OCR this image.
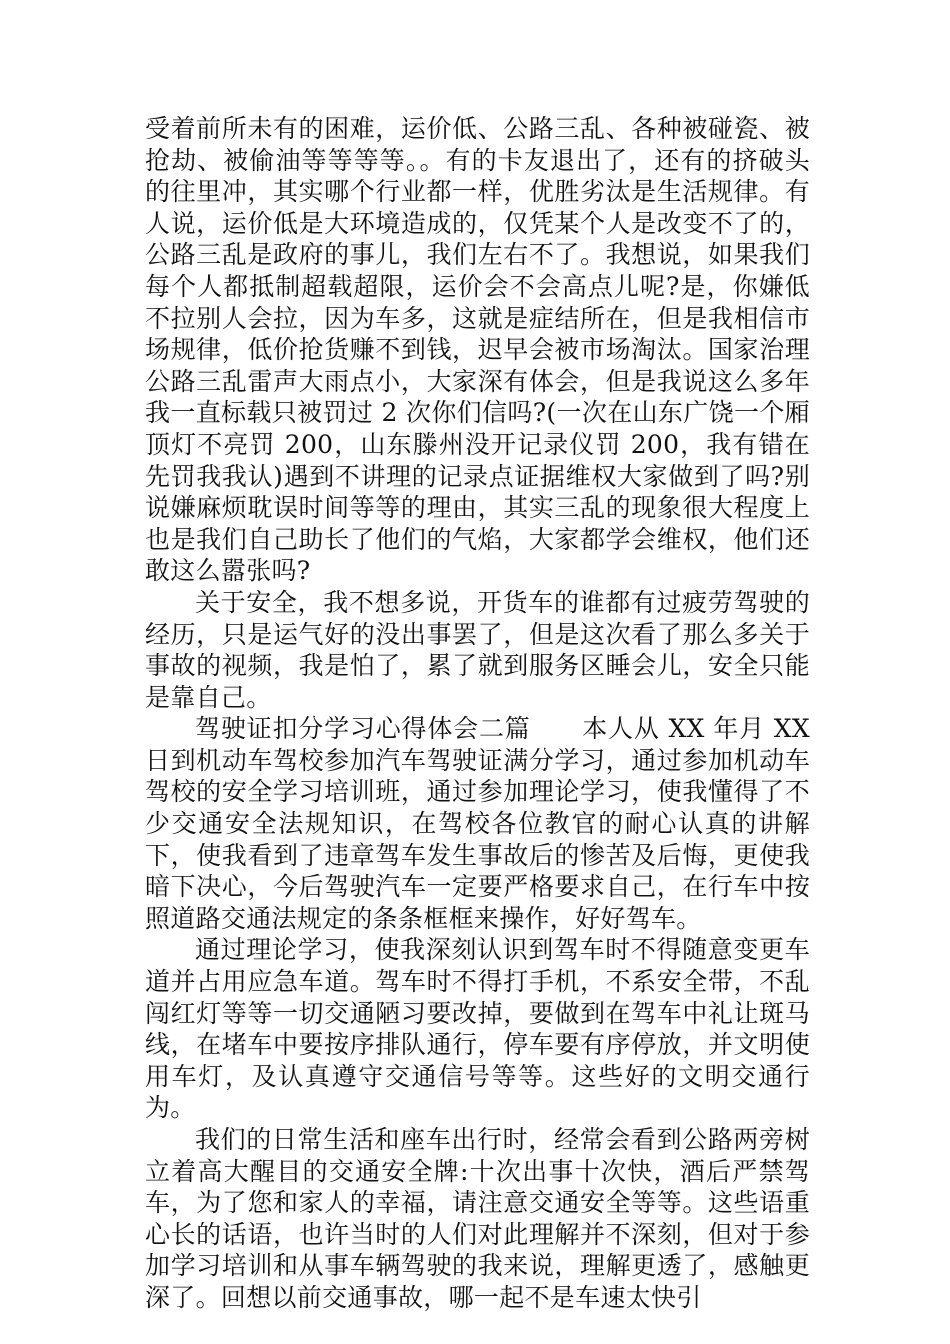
受着前所未有的困难，运价低、公路三乱、各种被碰瓷、被抢劫、被偷油等等等等。。有的卡友退出了，还有的挤破头的往里冲，其实哪个行业都一样，优胜劣汰是生活规律。有人说，运价低是大环境造成的，仅凭某个人是改变不了的，公路三乱是政府的事儿，我们左右不了。我想说，如果我们每个人都抵制超载超限，运价会不会高点儿呢?是，你嫌低不拉别人会拉，因为车多，这就是症结所在，但是我相信市场规律，低价抢货赚不到钱，迟早会被市场淘汰。国家治理公路三乱雷声大雨点小，大家深有体会，但是我说这么多年我一直标载只被罚过 2 次你们信吗?(一次在山东广饶一个厢顶灯不亮罚 200，山东滕州没开记录仪罚 200，我有错在先罚我我认)遇到不讲理的记录点证据维权大家做到了吗?别说嫌麻烦耽误时间等等的理由，其实三乱的现象很大程度上也是我们自己助长了他们的气焰，大家都学会维权，他们还敢这么嚣张吗?

关于安全，我不想多说，开货车的谁都有过疲劳驾驶的经历，只是运气好的没出事罢了，但是这次看了那么多关于事故的视频，我是怕了，累了就到服务区睡会儿，安全只能是靠自己。

驾驶证扣分学习心得体会二篇　　本人从 XX 年月 XX 日到机动车驾校参加汽车驾驶证满分学习，通过参加机动车驾校的安全学习培训班，通过参加理论学习，使我懂得了不少交通安全法规知识，在驾校各位教官的耐心认真的讲解下，使我看到了违章驾车发生事故后的惨苦及后悔，更使我暗下决心，今后驾驶汽车一定要严格要求自己，在行车中按照道路交通法规定的条条框框来操作，好好驾车。

通过理论学习，使我深刻认识到驾车时不得随意变更车道并占用应急车道。驾车时不得打手机，不系安全带，不乱闯红灯等等一切交通陋习要改掉，要做到在驾车中礼让斑马线，在堵车中要按序排队通行，停车要有序停放，并文明使用车灯，及认真遵守交通信号等等。这些好的文明交通行为。

我们的日常生活和座车出行时，经常会看到公路两旁树立着高大醒目的交通安全牌:十次出事十次快，酒后严禁驾车，为了您和家人的幸福，请注意交通安全等等。这些语重心长的话语，也许当时的人们对此理解并不深刻，但对于参加学习培训和从事车辆驾驶的我来说，理解更透了，感触更深了。回想以前交通事故，哪一起不是车速太快引
